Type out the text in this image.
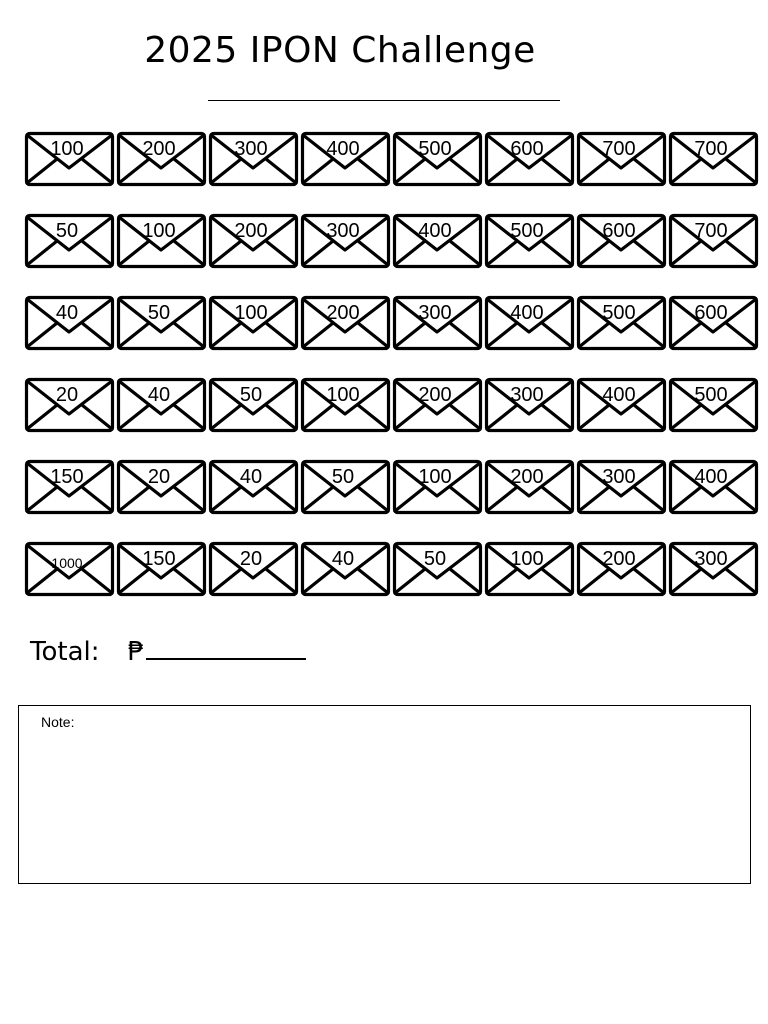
2025 IPON Challenge
100	200	300	400	500	600	700	700
50	100	200	300	400	500	600	700
40	50	100	200	300	400	500	600
20	40	50	100	200	300	400	500
150	20	40	50	100	200	300	400
1000	150	20	40	50	100	200	300
Total: ₱
Note:
